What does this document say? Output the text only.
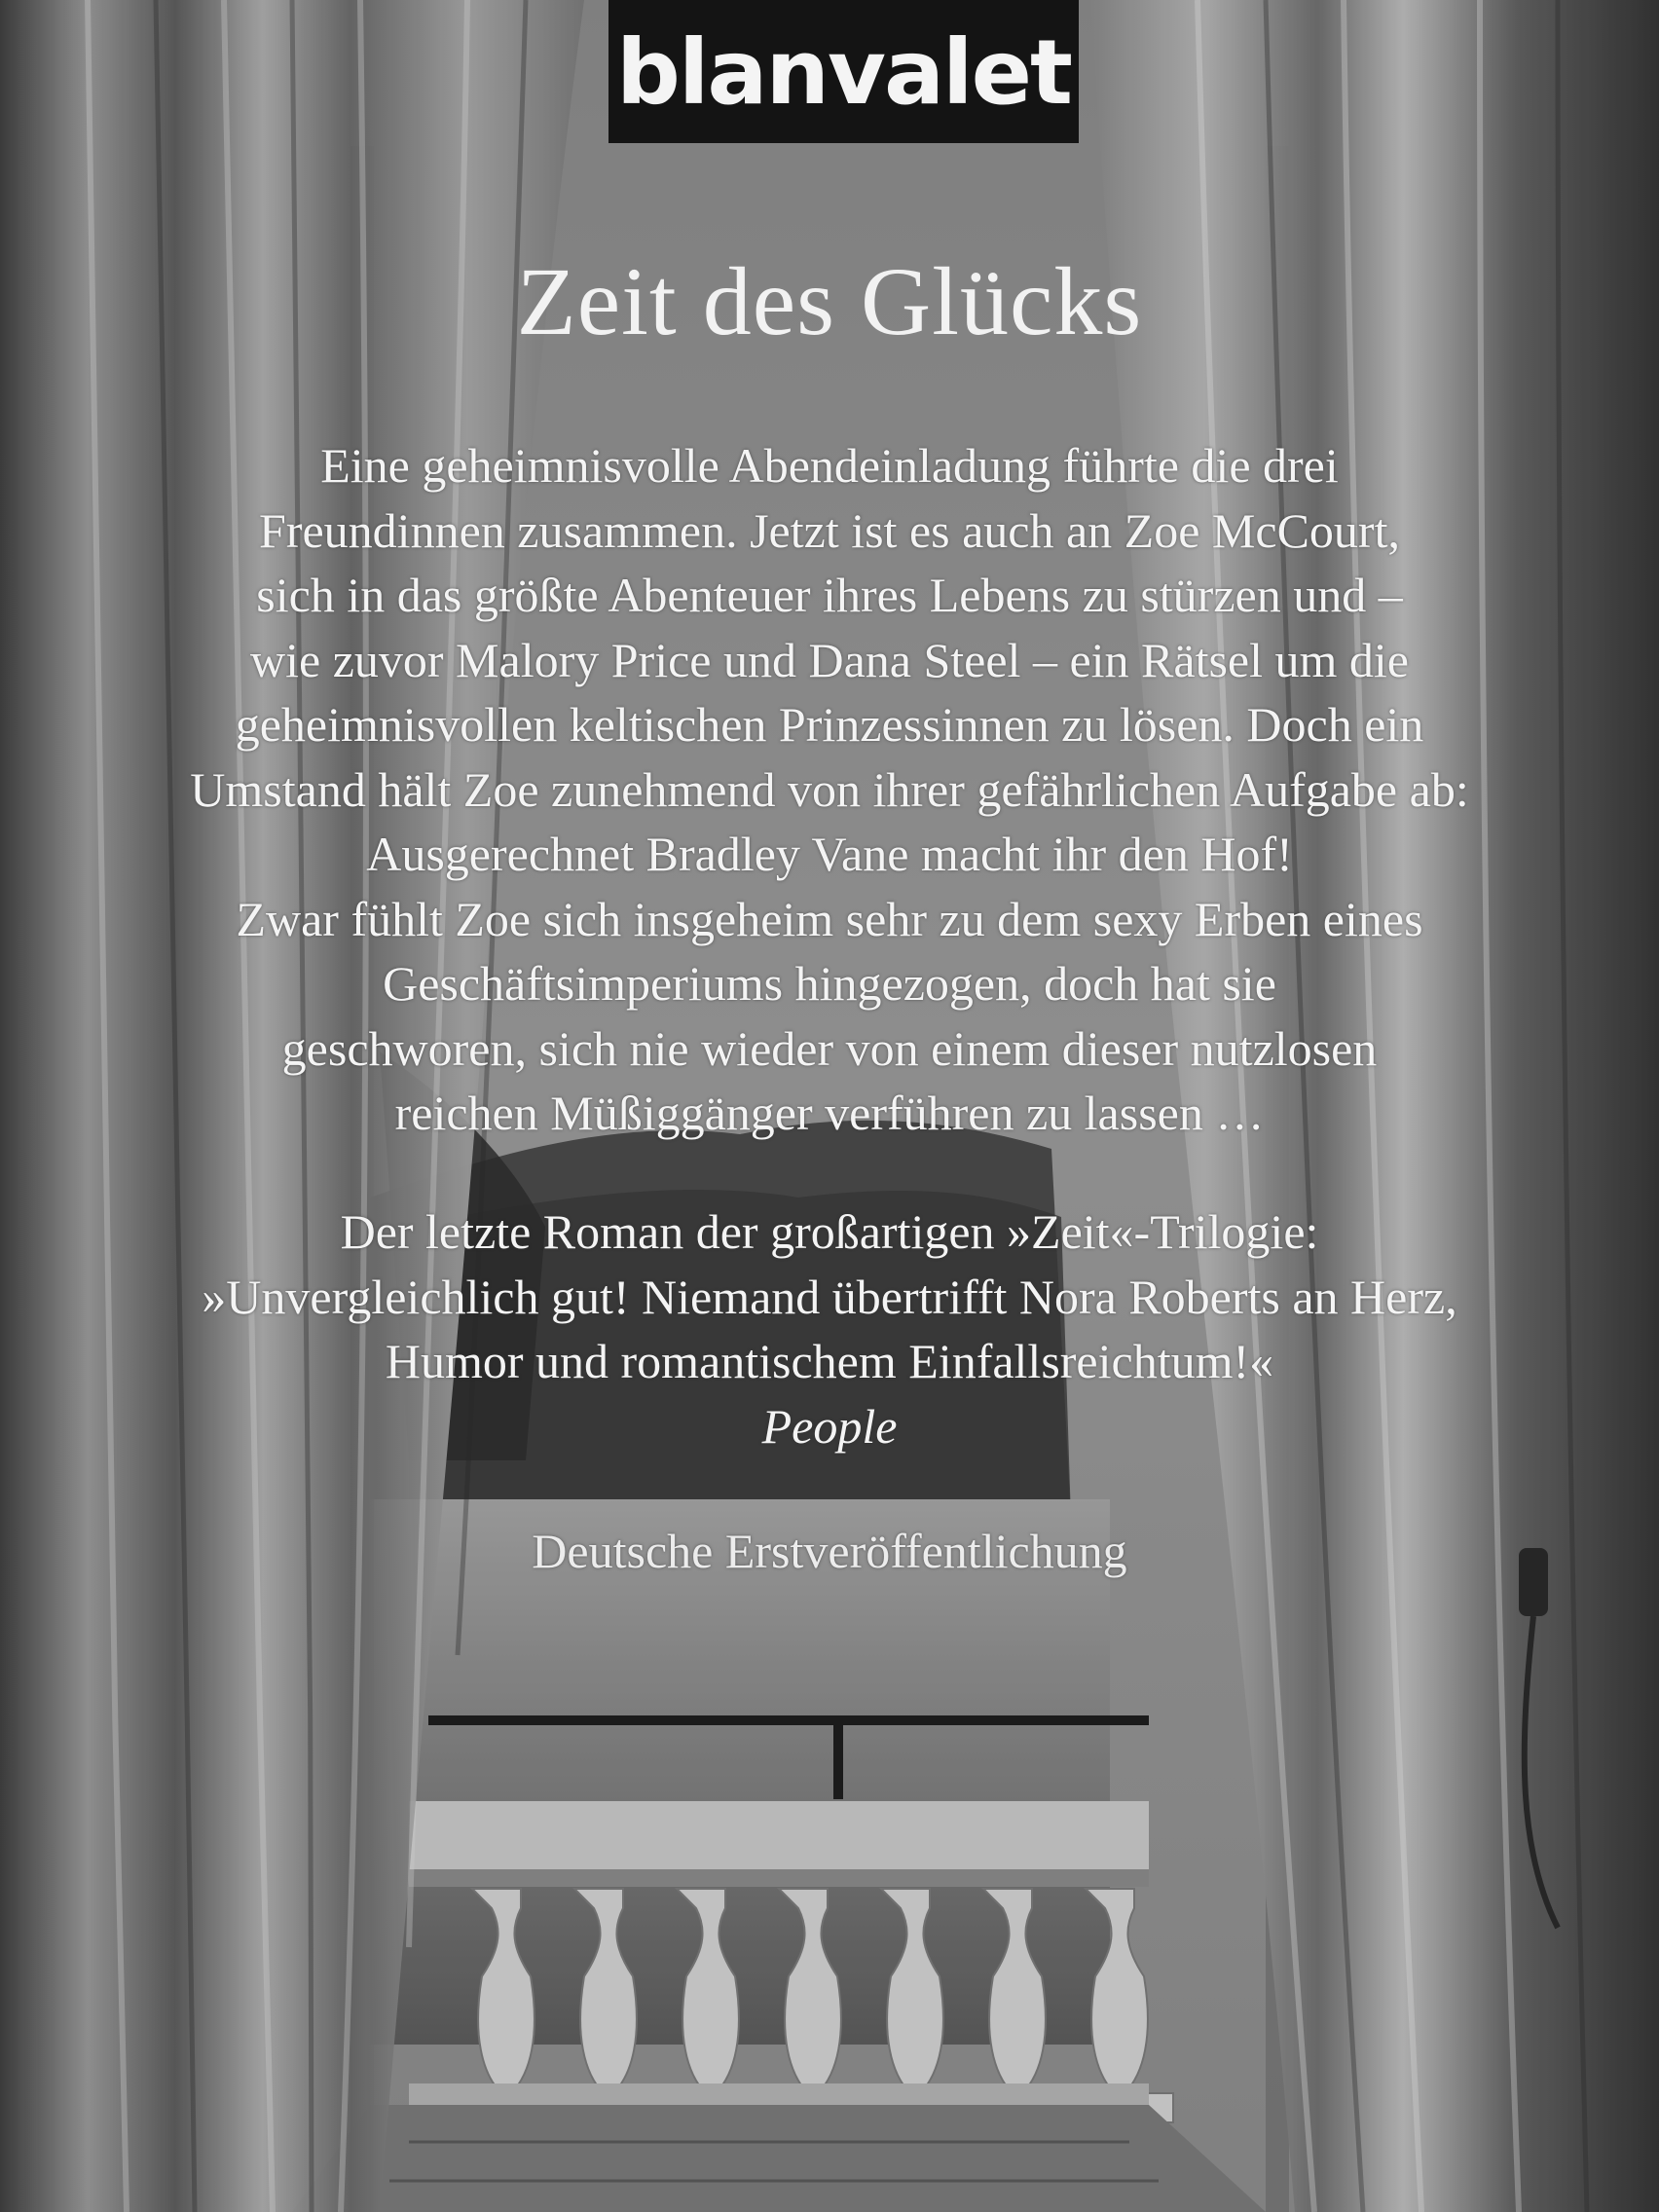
blanvalet
Zeit des Glücks
Eine geheimnisvolle Abendeinladung führte die drei
Freundinnen zusammen. Jetzt ist es auch an Zoe McCourt,
sich in das größte Abenteuer ihres Lebens zu stürzen und –
wie zuvor Malory Price und Dana Steel – ein Rätsel um die
geheimnisvollen keltischen Prinzessinnen zu lösen. Doch ein
Umstand hält Zoe zunehmend von ihrer gefährlichen Aufgabe ab:
Ausgerechnet Bradley Vane macht ihr den Hof!
Zwar fühlt Zoe sich insgeheim sehr zu dem sexy Erben eines
Geschäftsimperiums hingezogen, doch hat sie
geschworen, sich nie wieder von einem dieser nutzlosen
reichen Müßiggänger verführen zu lassen …
Der letzte Roman der großartigen »Zeit«-Trilogie:
»Unvergleichlich gut! Niemand übertrifft Nora Roberts an Herz,
Humor und romantischem Einfallsreichtum!«
People
Deutsche Erstveröffentlichung
